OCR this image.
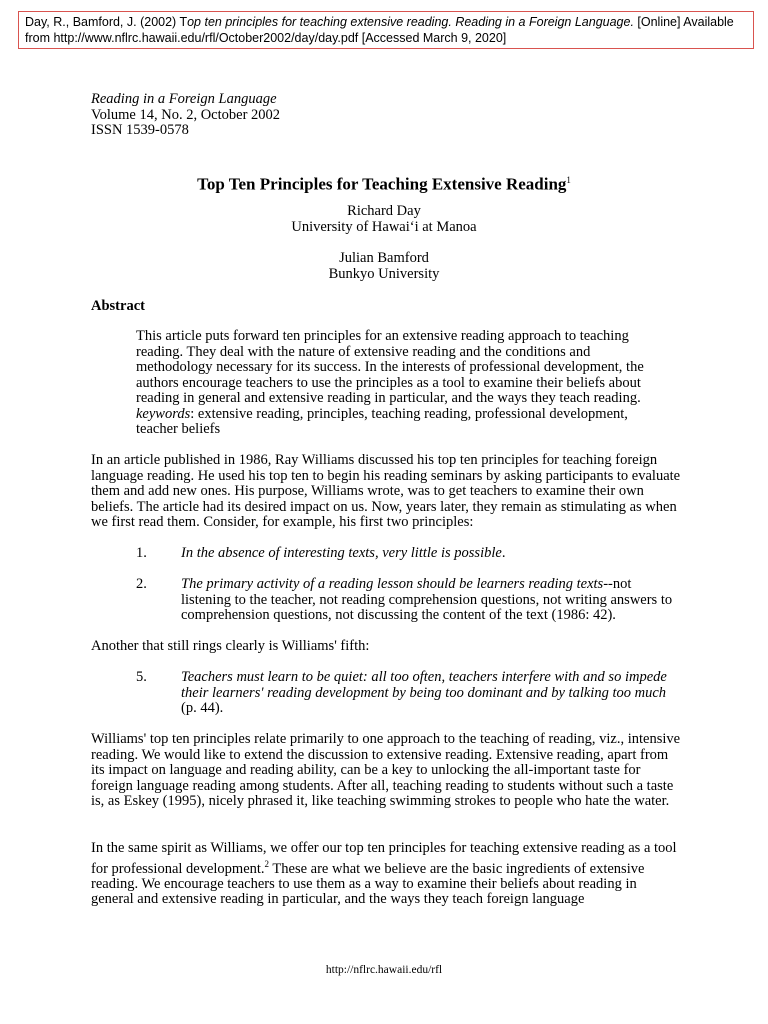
Day, R., Bamford, J. (2002) Top ten principles for teaching extensive reading. Reading in a Foreign Language. [Online] Available from http://www.nflrc.hawaii.edu/rfl/October2002/day/day.pdf [Accessed March 9, 2020]
Reading in a Foreign Language
Volume 14, No. 2, October 2002
ISSN 1539-0578
Top Ten Principles for Teaching Extensive Reading$^1$
Richard Day
University of Hawai‘i at Manoa
Julian Bamford
Bunkyo University
Abstract
This article puts forward ten principles for an extensive reading approach to teaching reading. They deal with the nature of extensive reading and the conditions and methodology necessary for its success. In the interests of professional development, the authors encourage teachers to use the principles as a tool to examine their beliefs about reading in general and extensive reading in particular, and the ways they teach reading.
keywords: extensive reading, principles, teaching reading, professional development, teacher beliefs
In an article published in 1986, Ray Williams discussed his top ten principles for teaching foreign language reading. He used his top ten to begin his reading seminars by asking participants to evaluate them and add new ones. His purpose, Williams wrote, was to get teachers to examine their own beliefs. The article had its desired impact on us. Now, years later, they remain as stimulating as when we first read them. Consider, for example, his first two principles:
1. In the absence of interesting texts, very little is possible.
2. The primary activity of a reading lesson should be learners reading texts--not listening to the teacher, not reading comprehension questions, not writing answers to comprehension questions, not discussing the content of the text (1986: 42).
Another that still rings clearly is Williams' fifth:
5. Teachers must learn to be quiet: all too often, teachers interfere with and so impede their learners' reading development by being too dominant and by talking too much (p. 44).
Williams' top ten principles relate primarily to one approach to the teaching of reading, viz., intensive reading. We would like to extend the discussion to extensive reading. Extensive reading, apart from its impact on language and reading ability, can be a key to unlocking the all-important taste for foreign language reading among students. After all, teaching reading to students without such a taste is, as Eskey (1995), nicely phrased it, like teaching swimming strokes to people who hate the water.
In the same spirit as Williams, we offer our top ten principles for teaching extensive reading as a tool for professional development.$^2$ These are what we believe are the basic ingredients of extensive reading. We encourage teachers to use them as a way to examine their beliefs about reading in general and extensive reading in particular, and the ways they teach foreign language
http://nflrc.hawaii.edu/rfl
